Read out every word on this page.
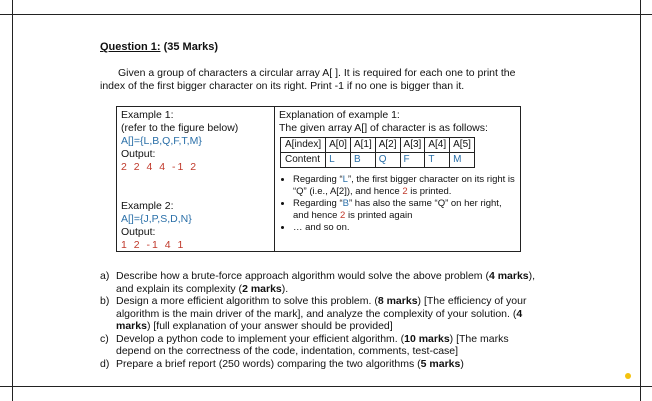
Question 1: (35 Marks)
Given a group of characters a circular array A[ ]. It is required for each one to print the
index of the first bigger character on its right. Print -1 if no one is bigger than it.
Example 1:
(refer to the figure below)
A[]={L,B,Q,F,T,M}
Output:
2 2 4 4 -1 2
Example 2:
A[]={J,P,S,D,N}
Output:
1 2 -1 4 1
Explanation of example 1:
The given array A[] of character is as follows:
A[index]	A[0]	A[1]	A[2]	A[3]	A[4]	A[5]
Content	L	B	Q	F	T	M
• Regarding “L”, the first bigger character on its right is
“Q” (i.e., A[2]), and hence 2 is printed.
• Regarding “B” has also the same “Q” on her right,
and hence 2 is printed again
• … and so on.
a) Describe how a brute-force approach algorithm would solve the above problem (4 marks), and explain its complexity (2 marks).
b) Design a more efficient algorithm to solve this problem. (8 marks) [The efficiency of your algorithm is the main driver of the mark], and analyze the complexity of your solution. (4 marks) [full explanation of your answer should be provided]
c) Develop a python code to implement your efficient algorithm. (10 marks) [The marks depend on the correctness of the code, indentation, comments, test-case]
d) Prepare a brief report (250 words) comparing the two algorithms (5 marks)
